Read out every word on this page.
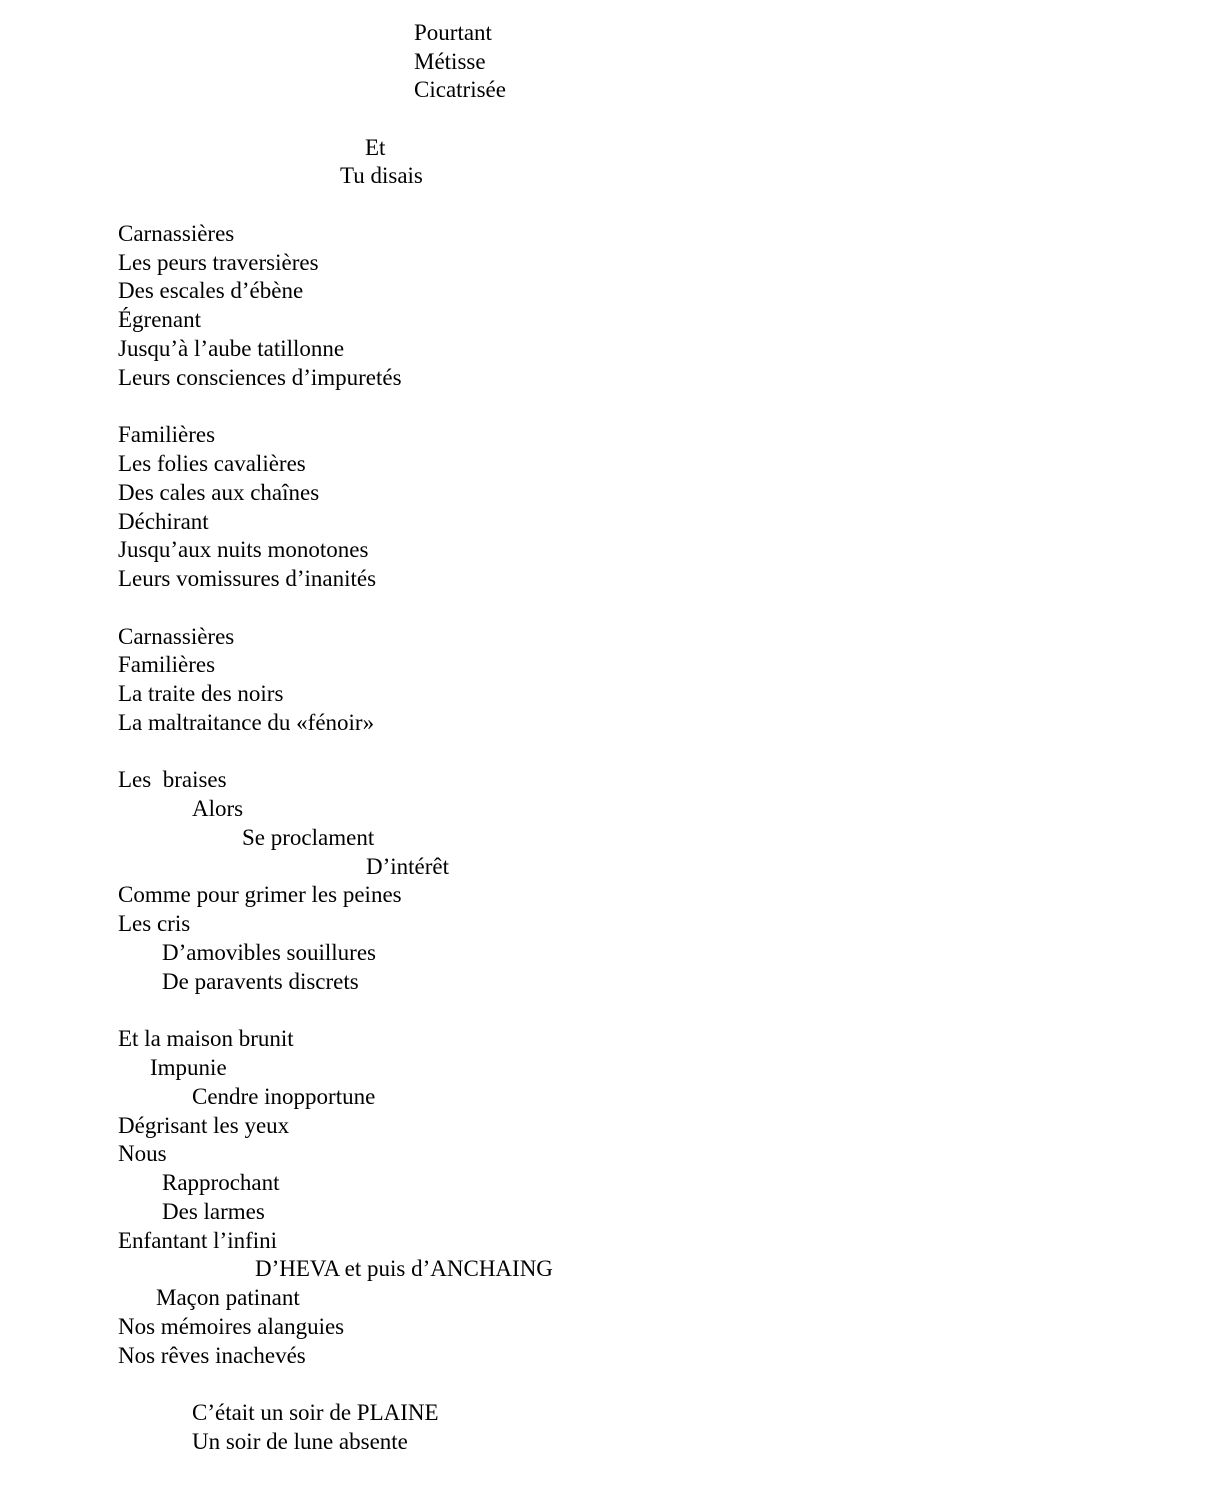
Pourtant
Métisse
Cicatrisée
Et
Tu disais
Carnassières
Les peurs traversières
Des escales d’ébène
Égrenant
Jusqu’à l’aube tatillonne
Leurs consciences d’impuretés
Familières
Les folies cavalières
Des cales aux chaînes
Déchirant
Jusqu’aux nuits monotones
Leurs vomissures d’inanités
Carnassières
Familières
La traite des noirs
La maltraitance du «fénoir»
Les  braises
Alors
Se proclament
D’intérêt
Comme pour grimer les peines
Les cris
D’amovibles souillures
De paravents discrets
Et la maison brunit
Impunie
Cendre inopportune
Dégrisant les yeux
Nous
Rapprochant
Des larmes
Enfantant l’infini
D’HEVA et puis d’ANCHAING
Maçon patinant
Nos mémoires alanguies
Nos rêves inachevés
C’était un soir de PLAINE
Un soir de lune absente
